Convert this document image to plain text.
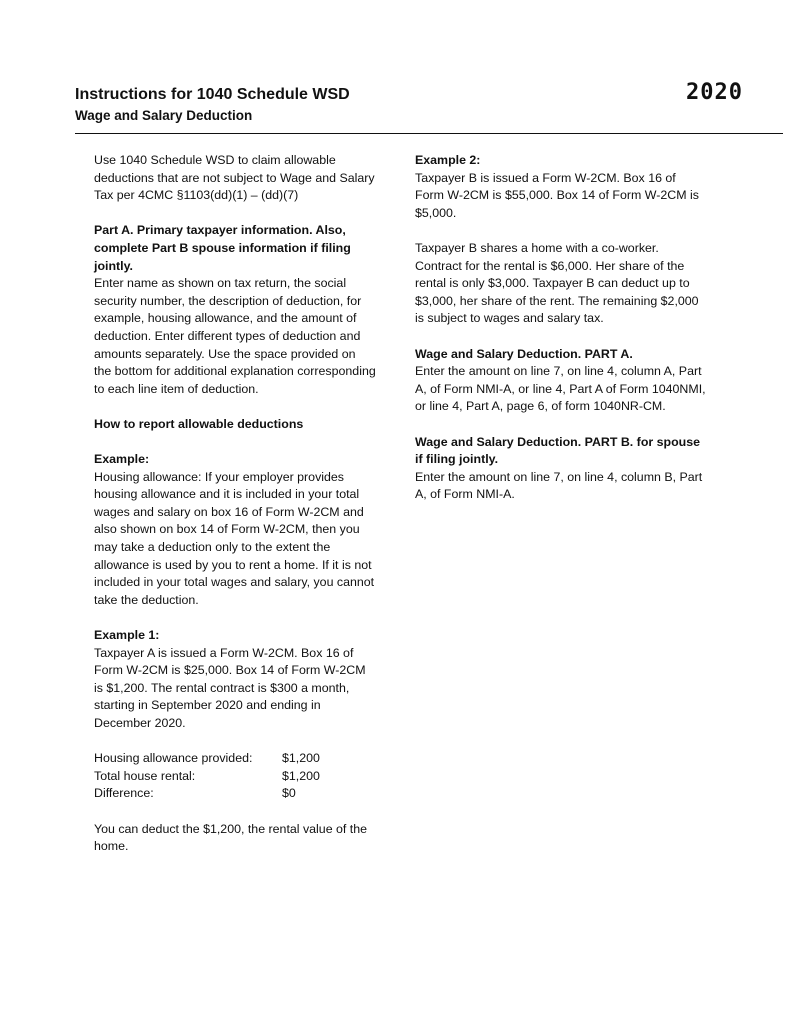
Instructions for 1040 Schedule WSD
Wage and Salary Deduction
2020

Use 1040 Schedule WSD to claim allowable deductions that are not subject to Wage and Salary Tax per 4CMC §1103(dd)(1) – (dd)(7)

Part A. Primary taxpayer information. Also, complete Part B spouse information if filing jointly.

Enter name as shown on tax return, the social security number, the description of deduction, for example, housing allowance, and the amount of deduction. Enter different types of deduction and amounts separately. Use the space provided on the bottom for additional explanation corresponding to each line item of deduction.

How to report allowable deductions

Example:

Housing allowance: If your employer provides housing allowance and it is included in your total wages and salary on box 16 of Form W-2CM and also shown on box 14 of Form W-2CM, then you may take a deduction only to the extent the allowance is used by you to rent a home. If it is not included in your total wages and salary, you cannot take the deduction.

Example 1:

Taxpayer A is issued a Form W-2CM. Box 16 of Form W-2CM is $25,000. Box 14 of Form W-2CM is $1,200. The rental contract is $300 a month, starting in September 2020 and ending in December 2020.

Housing allowance provided:	$1,200
Total house rental:	$1,200
Difference:	$0

You can deduct the $1,200, the rental value of the home.

Example 2:

Taxpayer B is issued a Form W-2CM. Box 16 of Form W-2CM is $55,000. Box 14 of Form W-2CM is $5,000.

Taxpayer B shares a home with a co-worker. Contract for the rental is $6,000. Her share of the rental is only $3,000. Taxpayer B can deduct up to $3,000, her share of the rent. The remaining $2,000 is subject to wages and salary tax.

Wage and Salary Deduction. PART A.

Enter the amount on line 7, on line 4, column A, Part A, of Form NMI-A, or line 4, Part A of Form 1040NMI, or line 4, Part A, page 6, of form 1040NR-CM.

Wage and Salary Deduction. PART B. for spouse if filing jointly.

Enter the amount on line 7, on line 4, column B, Part A, of Form NMI-A.
